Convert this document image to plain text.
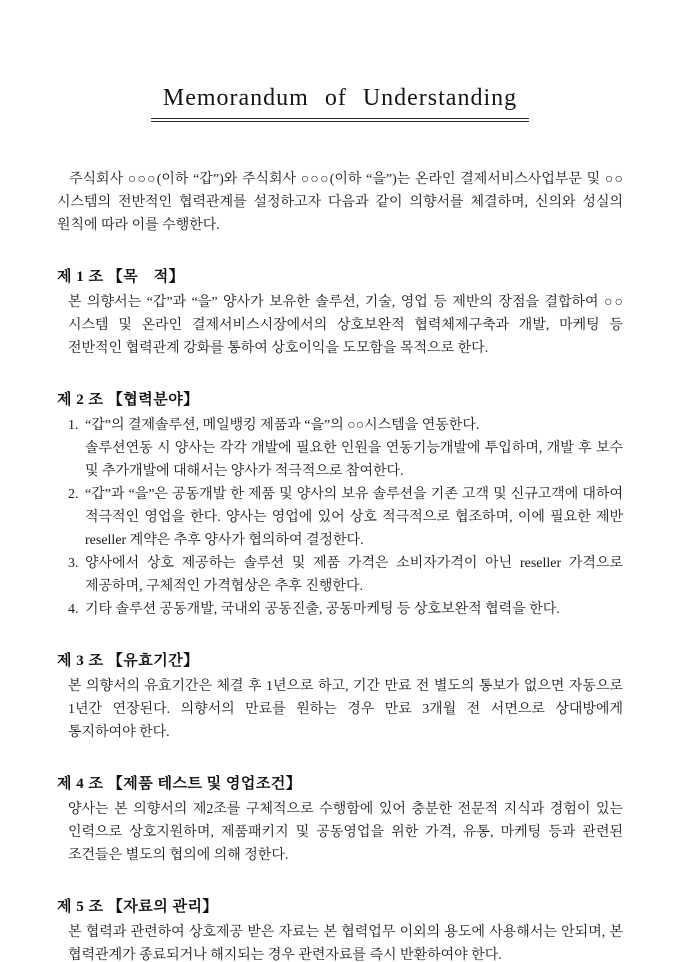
Memorandum of Understanding

주식회사 ○○○(이하 “갑”)와 주식회사 ○○○(이하 “을”)는 온라인 결제서비스사업부문 및 ○○시스템의 전반적인 협력관계를 설정하고자 다음과 같이 의향서를 체결하며, 신의와 성실의 원칙에 따라 이를 수행한다.

제 1 조 【목　적】
본 의향서는 “갑”과 “을” 양사가 보유한 솔루션, 기술, 영업 등 제반의 장점을 결합하여 ○○시스템 및 온라인 결제서비스시장에서의 상호보완적 협력체제구축과 개발, 마케팅 등 전반적인 협력관계 강화를 통하여 상호이익을 도모함을 목적으로 한다.
제 2 조 【협력분야】
1. “갑”의 결제솔루션, 메일뱅킹 제품과 “을”의 ○○시스템을 연동한다.
솔루션연동 시 양사는 각각 개발에 필요한 인원을 연동기능개발에 투입하며, 개발 후 보수 및 추가개발에 대해서는 양사가 적극적으로 참여한다.
2. “갑”과 “을”은 공동개발 한 제품 및 양사의 보유 솔루션을 기존 고객 및 신규고객에 대하여 적극적인 영업을 한다. 양사는 영업에 있어 상호 적극적으로 협조하며, 이에 필요한 제반 reseller 계약은 추후 양사가 협의하여 결정한다.
3. 양사에서 상호 제공하는 솔루션 및 제품 가격은 소비자가격이 아닌 reseller 가격으로 제공하며, 구체적인 가격협상은 추후 진행한다.
4. 기타 솔루션 공동개발, 국내외 공동진출, 공동마케팅 등 상호보완적 협력을 한다.
제 3 조 【유효기간】
본 의향서의 유효기간은 체결 후 1년으로 하고, 기간 만료 전 별도의 통보가 없으면 자동으로 1년간 연장된다. 의향서의 만료를 원하는 경우 만료 3개월 전 서면으로 상대방에게 통지하여야 한다.
제 4 조 【제품 테스트 및 영업조건】
양사는 본 의향서의 제2조를 구체적으로 수행함에 있어 충분한 전문적 지식과 경험이 있는 인력으로 상호지원하며, 제품패키지 및 공동영업을 위한 가격, 유통, 마케팅 등과 관련된 조건들은 별도의 협의에 의해 정한다.
제 5 조 【자료의 관리】
본 협력과 관련하여 상호제공 받은 자료는 본 협력업무 이외의 용도에 사용해서는 안되며, 본 협력관계가 종료되거나 해지되는 경우 관련자료를 즉시 반환하여야 한다.
